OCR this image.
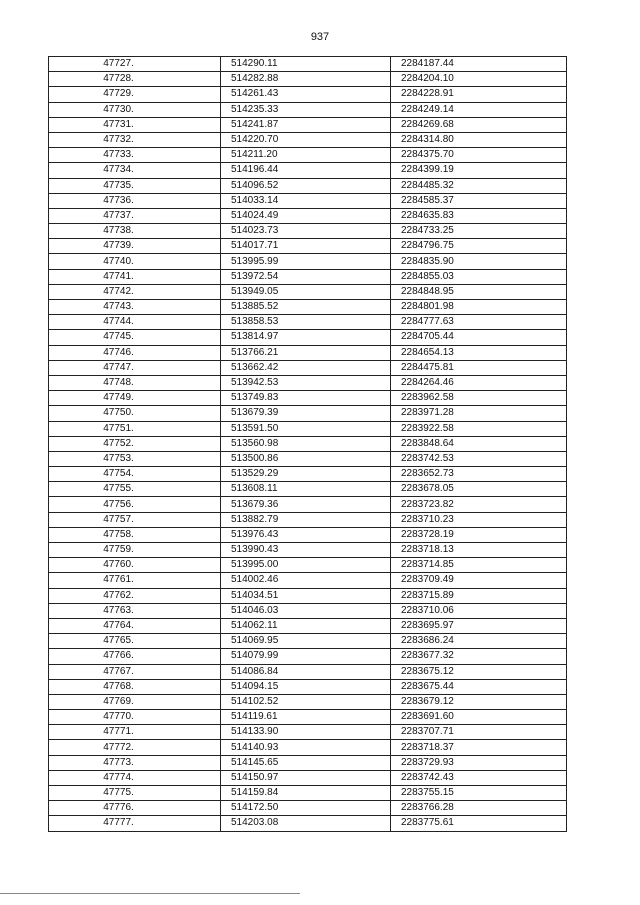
937
47727.	514290.11	2284187.44
47728.	514282.88	2284204.10
47729.	514261.43	2284228.91
47730.	514235.33	2284249.14
47731.	514241.87	2284269.68
47732.	514220.70	2284314.80
47733.	514211.20	2284375.70
47734.	514196.44	2284399.19
47735.	514096.52	2284485.32
47736.	514033.14	2284585.37
47737.	514024.49	2284635.83
47738.	514023.73	2284733.25
47739.	514017.71	2284796.75
47740.	513995.99	2284835.90
47741.	513972.54	2284855.03
47742.	513949.05	2284848.95
47743.	513885.52	2284801.98
47744.	513858.53	2284777.63
47745.	513814.97	2284705.44
47746.	513766.21	2284654.13
47747.	513662.42	2284475.81
47748.	513942.53	2284264.46
47749.	513749.83	2283962.58
47750.	513679.39	2283971.28
47751.	513591.50	2283922.58
47752.	513560.98	2283848.64
47753.	513500.86	2283742.53
47754.	513529.29	2283652.73
47755.	513608.11	2283678.05
47756.	513679.36	2283723.82
47757.	513882.79	2283710.23
47758.	513976.43	2283728.19
47759.	513990.43	2283718.13
47760.	513995.00	2283714.85
47761.	514002.46	2283709.49
47762.	514034.51	2283715.89
47763.	514046.03	2283710.06
47764.	514062.11	2283695.97
47765.	514069.95	2283686.24
47766.	514079.99	2283677.32
47767.	514086.84	2283675.12
47768.	514094.15	2283675.44
47769.	514102.52	2283679.12
47770.	514119.61	2283691.60
47771.	514133.90	2283707.71
47772.	514140.93	2283718.37
47773.	514145.65	2283729.93
47774.	514150.97	2283742.43
47775.	514159.84	2283755.15
47776.	514172.50	2283766.28
47777.	514203.08	2283775.61
